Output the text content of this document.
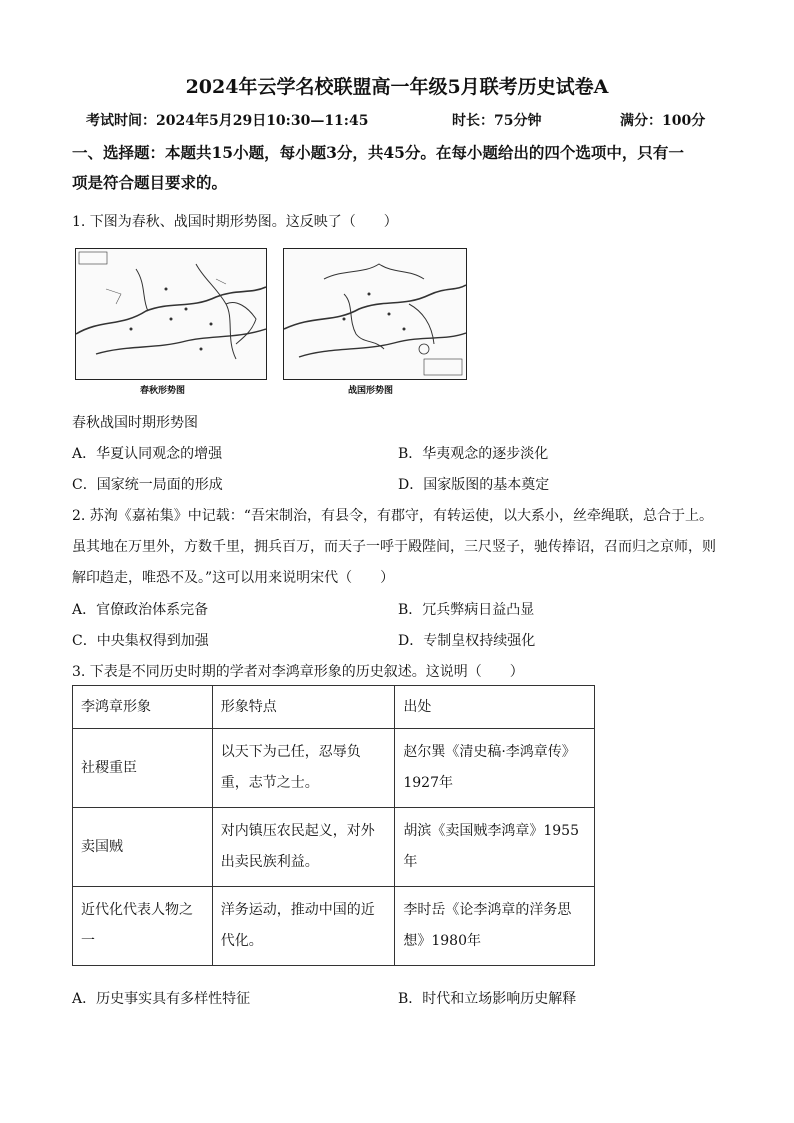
2024年云学名校联盟高一年级5月联考历史试卷A
考试时间：2024年5月29日10:30—11:45	时长：75分钟	满分：100分
一、选择题：本题共15小题，每小题3分，共45分。在每小题给出的四个选项中，只有一
项是符合题目要求的。
1. 下图为春秋、战国时期形势图。这反映了（　　）
春秋形势图	战国形势图
春秋战国时期形势图
A．华夏认同观念的增强	B．华夷观念的逐步淡化
C．国家统一局面的形成	D．国家版图的基本奠定
2. 苏洵《嘉祐集》中记载：“吾宋制治，有县令，有郡守，有转运使，以大系小，丝牵绳联，总合于上。
虽其地在万里外，方数千里，拥兵百万，而天子一呼于殿陛间，三尺竖子，驰传捧诏，召而归之京师，则
解印趋走，唯恐不及。”这可以用来说明宋代（　　）
A．官僚政治体系完备	B．冗兵弊病日益凸显
C．中央集权得到加强	D．专制皇权持续强化
3. 下表是不同历史时期的学者对李鸿章形象的历史叙述。这说明（　　）
李鸿章形象	形象特点	出处
社稷重臣	以天下为己任，忍辱负重，志节之士。	赵尔巽《清史稿·李鸿章传》1927年
卖国贼	对内镇压农民起义，对外出卖民族利益。	胡滨《卖国贼李鸿章》1955年
近代化代表人物之一	洋务运动，推动中国的近代化。	李时岳《论李鸿章的洋务思想》1980年
A．历史事实具有多样性特征	B．时代和立场影响历史解释
